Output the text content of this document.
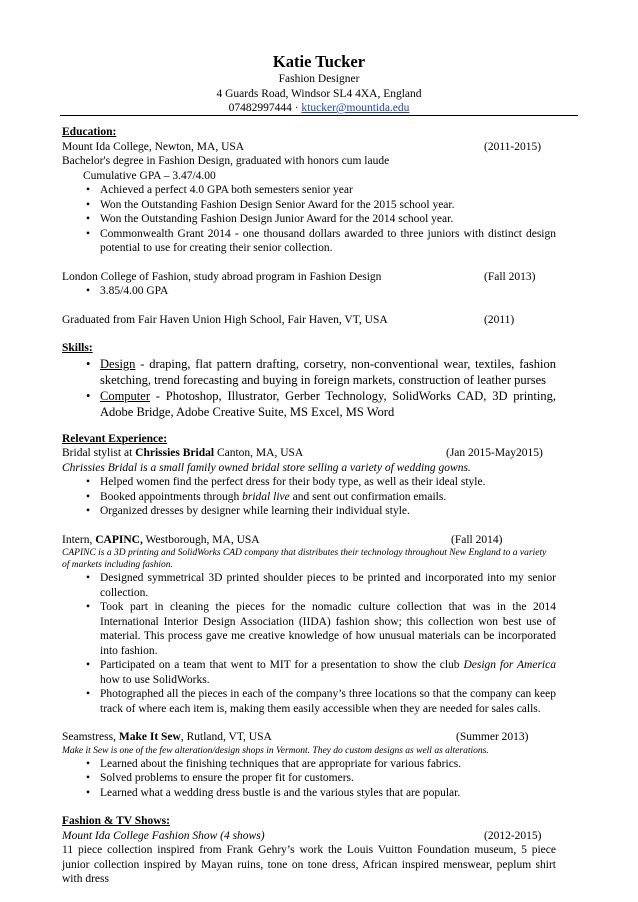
Katie Tucker
Fashion Designer
4 Guards Road, Windsor SL4 4XA, England
07482997444 · ktucker@mountida.edu
Education:
Mount Ida College, Newton, MA, USA	(2011-2015)
Bachelor's degree in Fashion Design, graduated with honors cum laude
Cumulative GPA – 3.47/4.00
• Achieved a perfect 4.0 GPA both semesters senior year
• Won the Outstanding Fashion Design Senior Award for the 2015 school year.
• Won the Outstanding Fashion Design Junior Award for the 2014 school year.
• Commonwealth Grant 2014 - one thousand dollars awarded to three juniors with distinct design potential to use for creating their senior collection.
London College of Fashion, study abroad program in Fashion Design	(Fall 2013)
• 3.85/4.00 GPA
Graduated from Fair Haven Union High School, Fair Haven, VT, USA	(2011)
Skills:
• Design - draping, flat pattern drafting, corsetry, non-conventional wear, textiles, fashion sketching, trend forecasting and buying in foreign markets, construction of leather purses
• Computer - Photoshop, Illustrator, Gerber Technology, SolidWorks CAD, 3D printing, Adobe Bridge, Adobe Creative Suite, MS Excel, MS Word
Relevant Experience:
Bridal stylist at Chrissies Bridal Canton, MA, USA	(Jan 2015-May2015)
Chrissies Bridal is a small family owned bridal store selling a variety of wedding gowns.
• Helped women find the perfect dress for their body type, as well as their ideal style.
• Booked appointments through bridal live and sent out confirmation emails.
• Organized dresses by designer while learning their individual style.
Intern, CAPINC, Westborough, MA, USA	(Fall 2014)
CAPINC is a 3D printing and SolidWorks CAD company that distributes their technology throughout New England to a variety of markets including fashion.
• Designed symmetrical 3D printed shoulder pieces to be printed and incorporated into my senior collection.
• Took part in cleaning the pieces for the nomadic culture collection that was in the 2014 International Interior Design Association (IIDA) fashion show; this collection won best use of material. This process gave me creative knowledge of how unusual materials can be incorporated into fashion.
• Participated on a team that went to MIT for a presentation to show the club Design for America how to use SolidWorks.
• Photographed all the pieces in each of the company’s three locations so that the company can keep track of where each item is, making them easily accessible when they are needed for sales calls.
Seamstress, Make It Sew, Rutland, VT, USA	(Summer 2013)
Make it Sew is one of the few alteration/design shops in Vermont. They do custom designs as well as alterations.
• Learned about the finishing techniques that are appropriate for various fabrics.
• Solved problems to ensure the proper fit for customers.
• Learned what a wedding dress bustle is and the various styles that are popular.
Fashion & TV Shows:
Mount Ida College Fashion Show (4 shows)	(2012-2015)
11 piece collection inspired from Frank Gehry’s work the Louis Vuitton Foundation museum, 5 piece junior collection inspired by Mayan ruins, tone on tone dress, African inspired menswear, peplum shirt with dress
